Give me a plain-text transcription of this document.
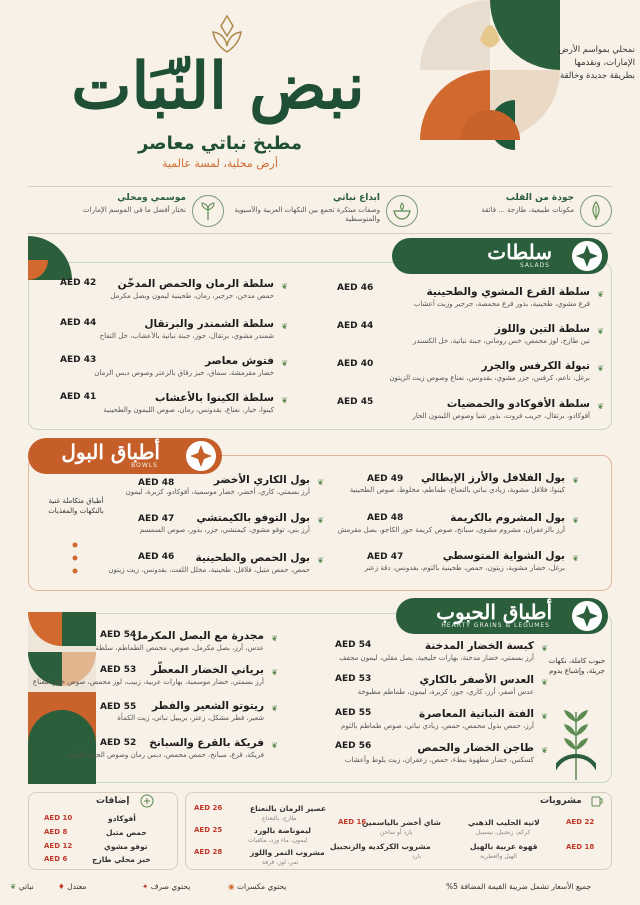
نبض النّبَات
مطبخ نباتي معاصر
أرض محلية، لمسة عالمية
نمحلي بمواسم الأرض الإمارات، ونقدمها بطريقة جديدة وخالقة
جودة من القلب
مكونات طبيعية، طازجة ... فائقة
ابداع نباتي
وصفات مبتكرة تجمع بين النكهات العربية والآسيوية والمتوسطية
موسمي ومحلي
نختار أفضل ما في الموسم الإمارات
سلطات
SALADS
❦
سلطة القرع المشوي والطحينية
قرع مشوي، طحينية، بذور قرع محمصة، جرجير وزيت أعشاب
AED 46
❦
سلطة التين واللوز
تين طازج، لوز محمص، خس روماني، جبنة نباتية، خل الكسندر
AED 44
❦
تبولة الكرفس والجرر
برغل، ناعم، كرفس، جزر مشوي، بقدونس، نعناع وصوص زيت الزيتون
AED 40
❦
سلطة الأفوكادو والحمضيات
أفوكادو، برتقال، جريب فروت، بذور شيا وصوص الليمون الحار
AED 45
❦
سلطة الرمان والحمص المدخّن
حمص مدخن، جرجير، رمان، طحينية ليمون وبصل مكرمل
AED 42
❦
سلطة الشمندر والبرتقال
شمندر مشوي، برتقال، جوز، جبنة نباتية بالأعشاب، خل التفاح
AED 44
❦
فتوش معاصر
خضار مقرمشة، سماق، خبز رقاق بالزعتر وصوص دبس الرمان
AED 43
❦
سلطة الكينوا بالأعشاب
كينوا، خيار، نعناع، بقدونس، رمان، صوص الليمون والطحينية
AED 41
أطباق البول
BOWLS
أطباق متكاملة غنية بالنكهات والمغذيات
❦
بول الفلافل والأرز الإيطالي
كينوا، فلافل مشوية، زبادي نباتي بالنعناع، طماطم، مخلوط، صوص الطحينية
AED 49
❦
بول المشروم بالكريمة
أرز بالزعفران، مشروم مشوي، سبانخ، صوص كريمة جوز الكاجو، بصل مقرمش
AED 48
❦
بول الشواية المتوسطي
برغل، خضار مشوية، زيتون، حمص، طحينية بالثوم، بقدونس، دقة زعتر
AED 47
❦
بول الكاري الأخضر
أرز بسمتي، كاري، أخضر، خضار موسمية، أفوكادو، كزبرة، ليمون
AED 48
❦
بول التوفو بالكيمتشي
أرز بني، توفو مشوي، كيمتشي، جزر، بذور، صوص السمسم
AED 47
❦
بول الحمص والطحينية
حمص، حمص متبل، فلافل، طحينية، مخلل اللفت، بقدونس، زيت زيتون
AED 46
أطباق الحبوب
HEARTY GRAINS & LEGUMES
حبوب كاملة، نكهات جريئة، وإشباع يدوم
❦
كبسة الخضار المدخنة
أرز بسمتي، خضار مدخنة، بهارات خليجية، بصل مقلي، ليمون مجفف
AED 54
❦
العدس الأصفر بالكاري
عدس أصفر، أرز، كاري، جوز، كزبرة، ليمون، طماطم مطبوخة
AED 53
❦
الفتة النباتية المعاصرة
أرز، حمص بذول محمص، حمص، زبادي نباتي، صوص طماطم بالثوم
AED 55
❦
طاجن الخضار والحمص
كسكس، خضار مطهوة ببطء، حمص، زعفران، زيت بلوط وأعشاب
AED 56
❦
مجدرة مع البصل المكرمل
عدس، أرز، بصل مكرمل، صوص، محمص الطماطم، سلطة
AED 54
❦
برياني الخضار المعطّر
أرز بسمتي، خضار موسمية، بهارات عربية، زبيب، لوز محمص، صوص خيار النعناع
AED 53
❦
ريتوتو الشعير والفطر
شعير، فطر مشكل، زعتر، بريبيل نباتي، زيت الكمأة
AED 55
❦
فريكة بالقرع والسبانخ
فريكة، قرع، سبانخ، حمص محمص، دبس رمان وصوص الجبنة النباتية
AED 52
مشروبات
لاتيه الحليب الذهبي
كركم، زنجبيل، نيسيبل
AED 22
قهوة عربية بالهيل
الهيل والعطرية
AED 18
شاي أخضر بالياسمين
بارد أو ساخن
AED 16
مشروب الكركديه والزنجبيل
بارد
عصير الرمان بالنعناع
طازج، بالنعناع
AED 26
ليموناضة بالورد
ليمون، ماء ورد، مكعبات
AED 25
مشروب التمر واللوز
تمر، لوز، قرفة
AED 28
إضافات
أفوكادو
AED 10
حمص متبل
AED 8
توفو مشوي
AED 12
خبز محلي طازج
AED 6
جميع الأسعار تشمل ضريبة القيمة المضافة 5%
يحتوي مكسرات ◉
يحتوي صرف ✦
معتدل ♦
نباتي ❦
